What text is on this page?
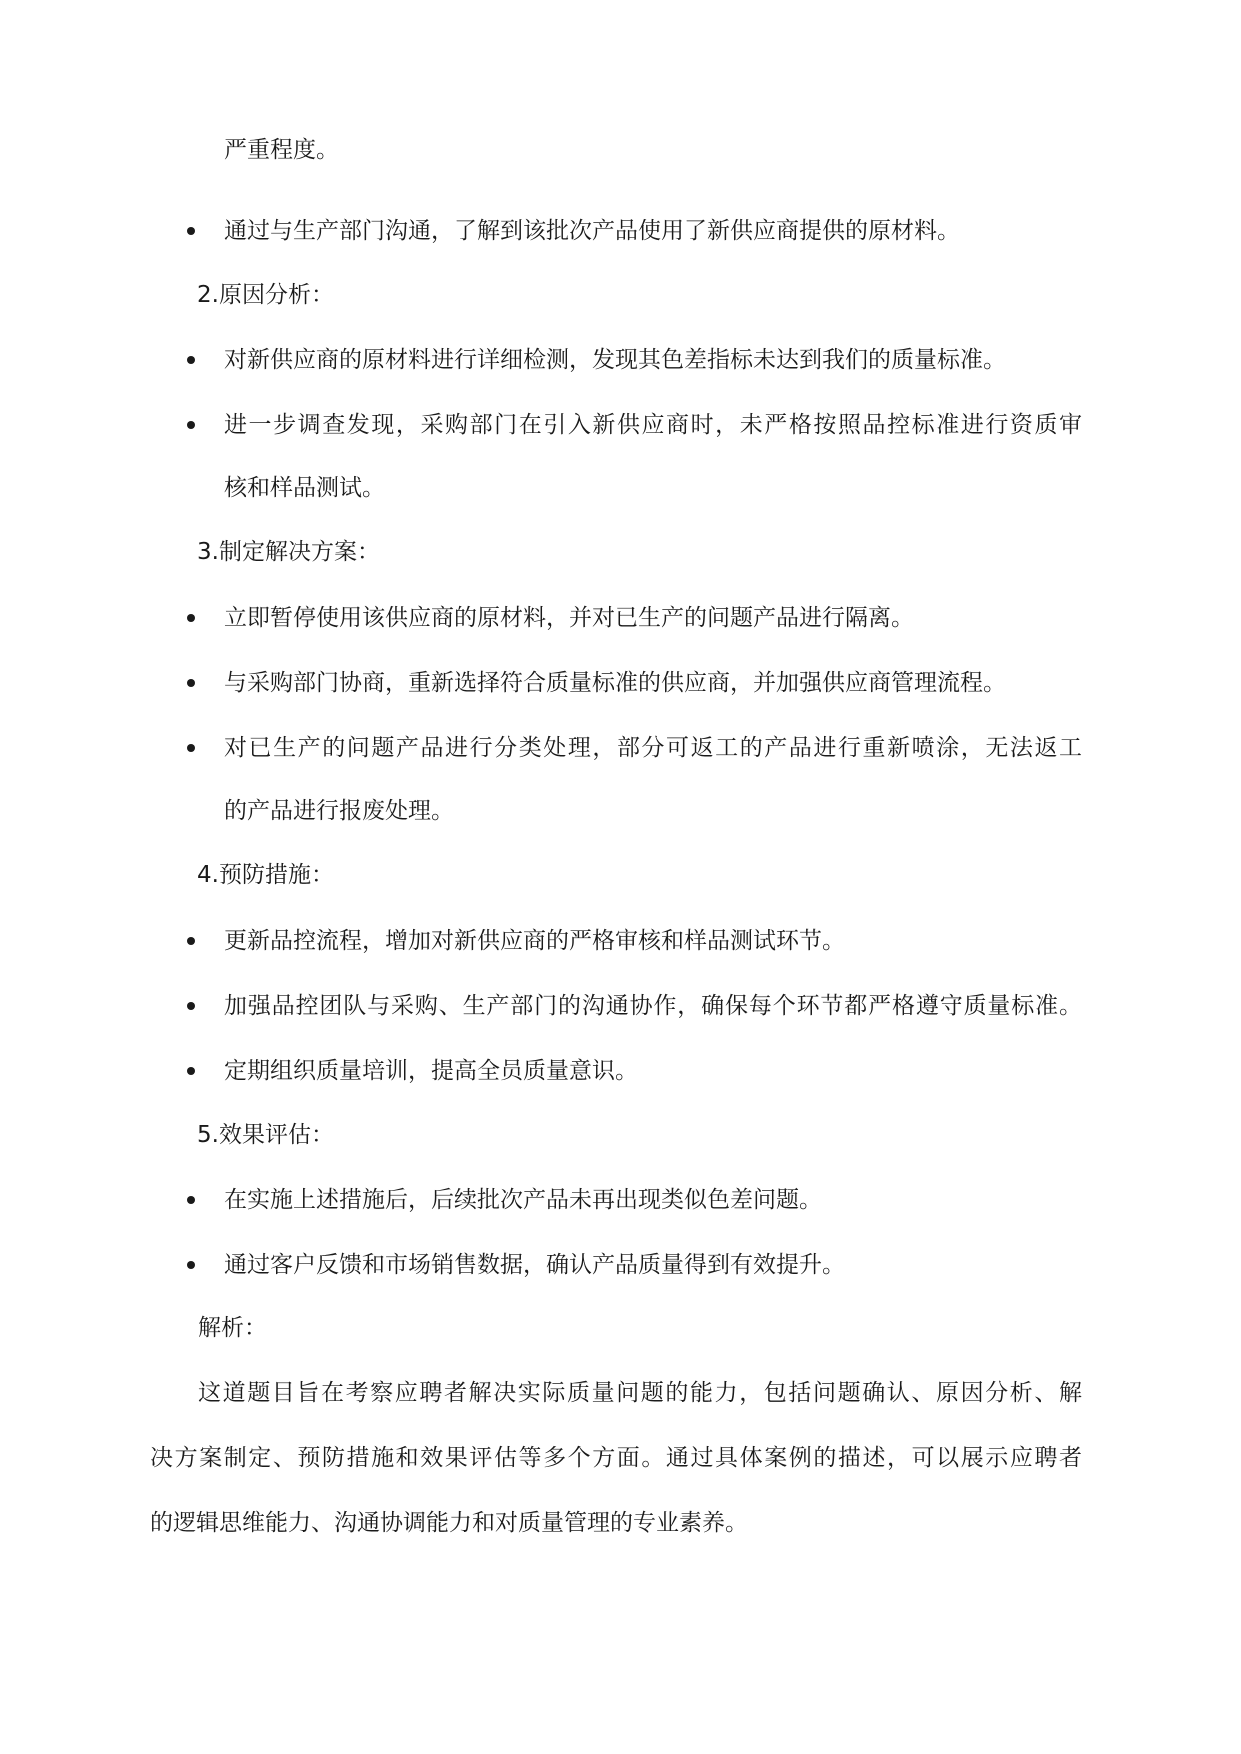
严重程度。
通过与生产部门沟通，了解到该批次产品使用了新供应商提供的原材料。
2.原因分析：
对新供应商的原材料进行详细检测，发现其色差指标未达到我们的质量标准。
进一步调查发现，采购部门在引入新供应商时，未严格按照品控标准进行资质审
核和样品测试。
3.制定解决方案：
立即暂停使用该供应商的原材料，并对已生产的问题产品进行隔离。
与采购部门协商，重新选择符合质量标准的供应商，并加强供应商管理流程。
对已生产的问题产品进行分类处理，部分可返工的产品进行重新喷涂，无法返工
的产品进行报废处理。
4.预防措施：
更新品控流程，增加对新供应商的严格审核和样品测试环节。
加强品控团队与采购、生产部门的沟通协作，确保每个环节都严格遵守质量标准。
定期组织质量培训，提高全员质量意识。
5.效果评估：
在实施上述措施后，后续批次产品未再出现类似色差问题。
通过客户反馈和市场销售数据，确认产品质量得到有效提升。
解析：
这道题目旨在考察应聘者解决实际质量问题的能力，包括问题确认、原因分析、解
决方案制定、预防措施和效果评估等多个方面。通过具体案例的描述，可以展示应聘者
的逻辑思维能力、沟通协调能力和对质量管理的专业素养。
